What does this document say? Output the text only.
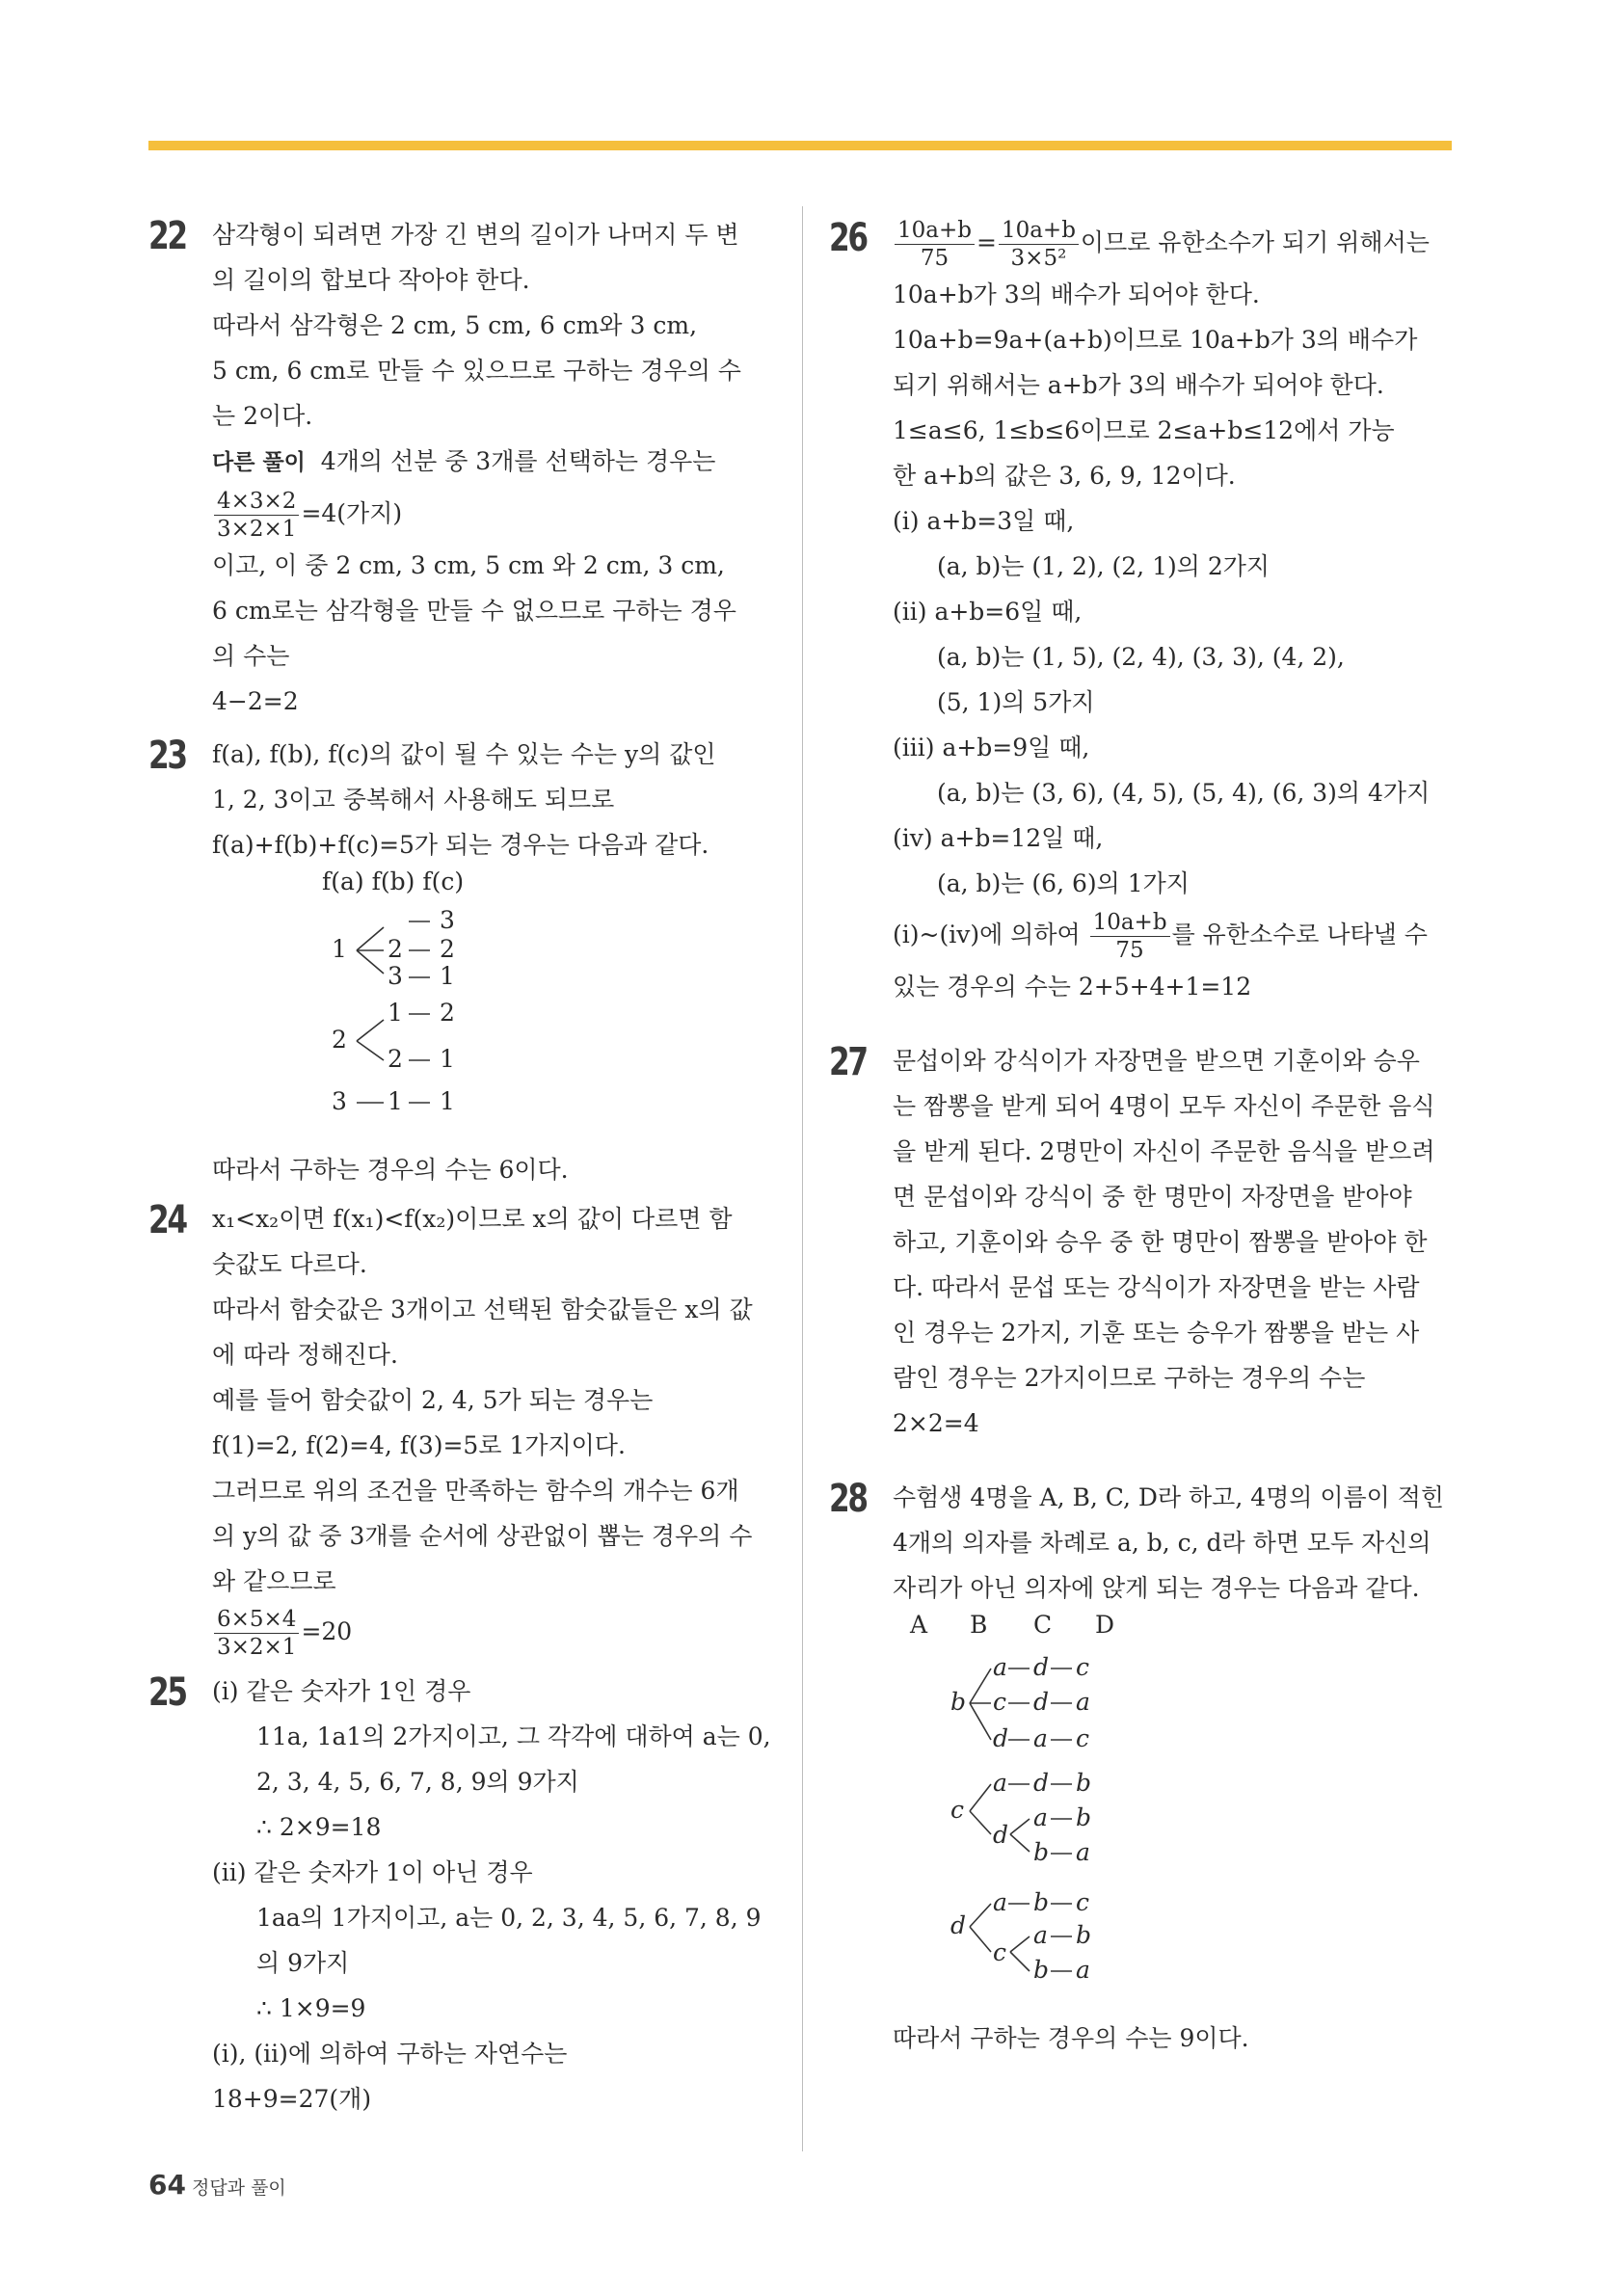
22 삼각형이 되려면 가장 긴 변의 길이가 나머지 두 변
의 길이의 합보다 작아야 한다.
따라서 삼각형은 2 cm, 5 cm, 6 cm와 3 cm,
5 cm, 6 cm로 만들 수 있으므로 구하는 경우의 수
는 2이다.
다른 풀이 4개의 선분 중 3개를 선택하는 경우는
$\frac{4\times 3\times 2}{3\times 2\times 1} =4$(가지)
이고, 이 중 2 cm, 3 cm, 5 cm 와 2 cm, 3 cm,
6 cm로는 삼각형을 만들 수 없으므로 구하는 경우
의 수는
4−2=2
23 f(a), f(b), f(c)의 값이 될 수 있는 수는 y의 값인
1, 2, 3이고 중복해서 사용해도 되므로
f(a)+f(b)+f(c)=5가 되는 경우는 다음과 같다.
f(a) f(b) f(c)
1
3
2 2
3 1
2
1 2
2 1
3 1 1
따라서 구하는 경우의 수는 6이다.
24 x₁<x₂이면 f(x₁)<f(x₂)이므로 x의 값이 다르면 함
숫값도 다르다.
따라서 함숫값은 3개이고 선택된 함숫값들은 x의 값
에 따라 정해진다.
예를 들어 함숫값이 2, 4, 5가 되는 경우는
f(1)=2, f(2)=4, f(3)=5로 1가지이다.
그러므로 위의 조건을 만족하는 함수의 개수는 6개
의 y의 값 중 3개를 순서에 상관없이 뽑는 경우의 수
와 같으므로
$\frac{6\times 5\times 4}{3\times 2\times 1} =20$
25 (i) 같은 숫자가 1인 경우
11a, 1a1의 2가지이고, 그 각각에 대하여 a는 0,
2, 3, 4, 5, 6, 7, 8, 9의 9가지
∴ 2×9=18
(ii) 같은 숫자가 1이 아닌 경우
1aa의 1가지이고, a는 0, 2, 3, 4, 5, 6, 7, 8, 9
의 9가지
∴ 1×9=9
(i), (ii)에 의하여 구하는 자연수는
18+9=27(개)
$26 \frac{10a+b}{75} = \frac{10a+b}{\text{3×5²}}$ 이므로 유한소수가 되기 위해서는
10a+b가 3의 배수가 되어야 한다.
10a+b=9a+(a+b)이므로 10a+b가 3의 배수가
되기 위해서는 a+b가 3의 배수가 되어야 한다.
1≤a≤6, 1≤b≤6이므로 2≤a+b≤12에서 가능
한 a+b의 값은 3, 6, 9, 12이다.
(i) a+b=3일 때,
(a, b)는 (1, 2), (2, 1)의 2가지
(ii) a+b=6일 때,
(a, b)는 (1, 5), (2, 4), (3, 3), (4, 2),
(5, 1)의 5가지
(iii) a+b=9일 때,
(a, b)는 (3, 6), (4, 5), (5, 4), (6, 3)의 4가지
(iv) a+b=12일 때,
(a, b)는 (6, 6)의 1가지
(i)~(iv)에 의하여 $\frac{10a+b}{75}$ 를 유한소수로 나타낼 수
있는 경우의 수는 2+5+4+1=12
27 문섭이와 강식이가 자장면을 받으면 기훈이와 승우
는 짬뽕을 받게 되어 4명이 모두 자신이 주문한 음식
을 받게 된다. 2명만이 자신이 주문한 음식을 받으려
면 문섭이와 강식이 중 한 명만이 자장면을 받아야
하고, 기훈이와 승우 중 한 명만이 짬뽕을 받아야 한
다. 따라서 문섭 또는 강식이가 자장면을 받는 사람
인 경우는 2가지, 기훈 또는 승우가 짬뽕을 받는 사
람인 경우는 2가지이므로 구하는 경우의 수는
2×2=4
28 수험생 4명을 A, B, C, D라 하고, 4명의 이름이 적힌
4개의 의자를 차례로 a, b, c, d라 하면 모두 자신의
자리가 아닌 의자에 앉게 되는 경우는 다음과 같다.
A B C D
b
a d c
c d a
d a c
c
a d b
d
a b
b a
d
a b c
c
a b
b a
따라서 구하는 경우의 수는 9이다.
64 정답과 풀이
